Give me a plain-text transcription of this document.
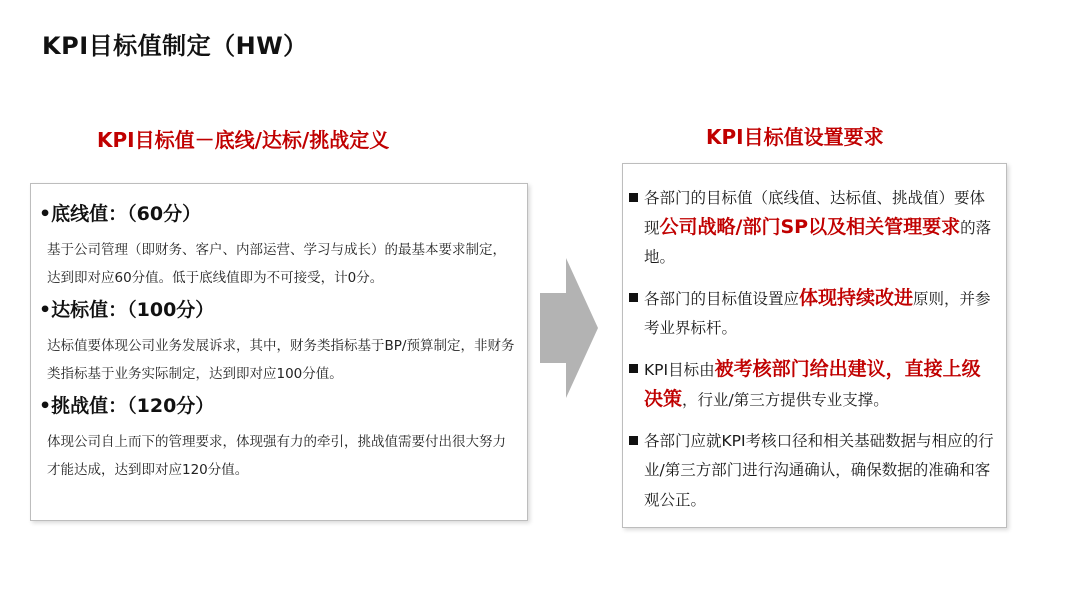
KPI目标值制定（HW）
KPI目标值－底线/达标/挑战定义	KPI目标值设置要求
•底线值：（60分）
基于公司管理（即财务、客户、内部运营、学习与成长）的最基本要求制定，达到即对应60分值。低于底线值即为不可接受，计0分。
•达标值：（100分）
达标值要体现公司业务发展诉求，其中，财务类指标基于BP/预算制定，非财务类指标基于业务实际制定，达到即对应100分值。
•挑战值：（120分）
体现公司自上而下的管理要求，体现强有力的牵引，挑战值需要付出很大努力才能达成，达到即对应120分值。
各部门的目标值（底线值、达标值、挑战值）要体现公司战略/部门SP以及相关管理要求的落地。
各部门的目标值设置应体现持续改进原则，并参考业界标杆。
KPI目标由被考核部门给出建议，直接上级决策，行业/第三方提供专业支撑。
各部门应就KPI考核口径和相关基础数据与相应的行业/第三方部门进行沟通确认，确保数据的准确和客观公正。
